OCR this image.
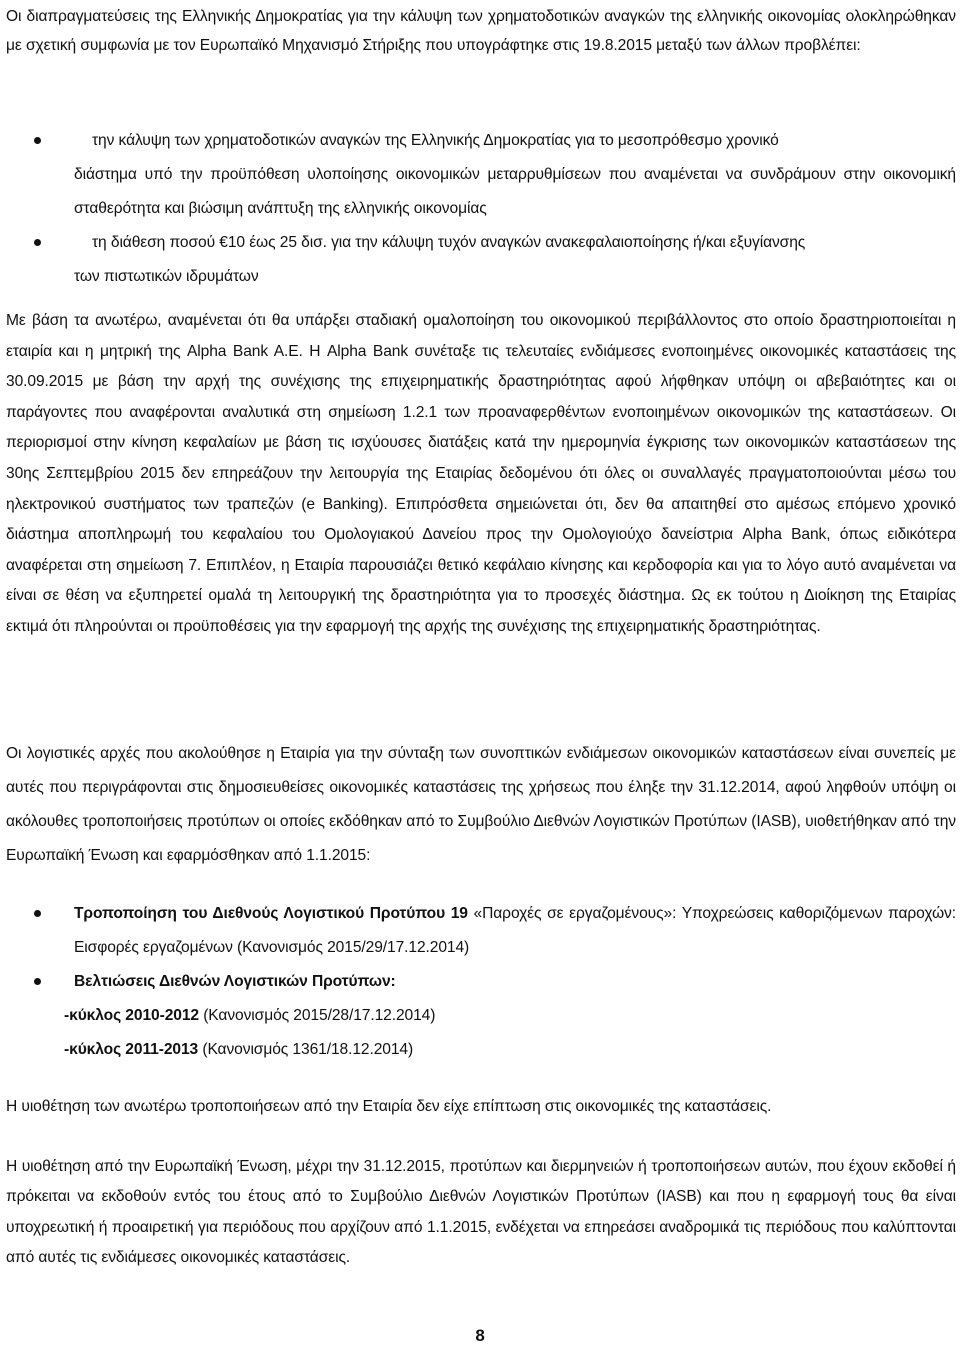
Οι διαπραγματεύσεις της Ελληνικής Δημοκρατίας για την κάλυψη των χρηματοδοτικών αναγκών της ελληνικής οικονομίας ολοκληρώθηκαν με σχετική συμφωνία με τον Ευρωπαϊκό Μηχανισμό Στήριξης που υπογράφτηκε στις 19.8.2015 μεταξύ των άλλων προβλέπει:

την κάλυψη των χρηματοδοτικών αναγκών της Ελληνικής Δημοκρατίας για το μεσοπρόθεσμο χρονικό
διάστημα υπό την προϋπόθεση υλοποίησης οικονομικών μεταρρυθμίσεων που αναμένεται να συνδράμουν στην οικονομική σταθερότητα και βιώσιμη ανάπτυξη της ελληνικής οικονομίας
τη διάθεση ποσού €10 έως 25 δισ. για την κάλυψη τυχόν αναγκών ανακεφαλαιοποίησης ή/και εξυγίανσης
των πιστωτικών ιδρυμάτων

Με βάση τα ανωτέρω, αναμένεται ότι θα υπάρξει σταδιακή ομαλοποίηση του οικονομικού περιβάλλοντος στο οποίο δραστηριοποιείται η εταιρία και η μητρική της Alpha Bank A.E. Η Alpha Bank συνέταξε τις τελευταίες ενδιάμεσες ενοποιημένες οικονομικές καταστάσεις της 30.09.2015 με βάση την αρχή της συνέχισης της επιχειρηματικής δραστηριότητας αφού λήφθηκαν υπόψη οι αβεβαιότητες και οι παράγοντες που αναφέρονται αναλυτικά στη σημείωση 1.2.1 των προαναφερθέντων ενοποιημένων οικονομικών της καταστάσεων. Οι περιορισμοί στην κίνηση κεφαλαίων με βάση τις ισχύουσες διατάξεις κατά την ημερομηνία έγκρισης των οικονομικών καταστάσεων της 30ης Σεπτεμβρίου 2015 δεν επηρεάζουν την λειτουργία της Εταιρίας δεδομένου ότι όλες οι συναλλαγές πραγματοποιούνται μέσω του ηλεκτρονικού συστήματος των τραπεζών (e Banking). Επιπρόσθετα σημειώνεται ότι, δεν θα απαιτηθεί στο αμέσως επόμενο χρονικό διάστημα αποπληρωμή του κεφαλαίου του Ομολογιακού Δανείου προς την Ομολογιούχο δανείστρια Alpha Bank, όπως ειδικότερα αναφέρεται στη σημείωση 7. Επιπλέον, η Εταιρία παρουσιάζει θετικό κεφάλαιο κίνησης και κερδοφορία και για το λόγο αυτό αναμένεται να είναι σε θέση να εξυπηρετεί ομαλά τη λειτουργική της δραστηριότητα για το προσεχές διάστημα. Ως εκ τούτου η Διοίκηση της Εταιρίας εκτιμά ότι πληρούνται οι προϋποθέσεις για την εφαρμογή της αρχής της συνέχισης της επιχειρηματικής δραστηριότητας.

Οι λογιστικές αρχές που ακολούθησε η Εταιρία για την σύνταξη των συνοπτικών ενδιάμεσων οικονομικών καταστάσεων είναι συνεπείς με αυτές που περιγράφονται στις δημοσιευθείσες οικονομικές καταστάσεις της χρήσεως που έληξε την 31.12.2014, αφού ληφθούν υπόψη οι ακόλουθες τροποποιήσεις προτύπων οι οποίες εκδόθηκαν από το Συμβούλιο Διεθνών Λογιστικών Προτύπων (IASB), υιοθετήθηκαν από την Ευρωπαϊκή Ένωση και εφαρμόσθηκαν από 1.1.2015:

Τροποποίηση του Διεθνούς Λογιστικού Προτύπου 19 «Παροχές σε εργαζομένους»: Υποχρεώσεις καθοριζόμενων παροχών: Εισφορές εργαζομένων (Κανονισμός 2015/29/17.12.2014)
Βελτιώσεις Διεθνών Λογιστικών Προτύπων:
-κύκλος 2010-2012 (Κανονισμός 2015/28/17.12.2014)
-κύκλος 2011-2013 (Κανονισμός 1361/18.12.2014)

Η υιοθέτηση των ανωτέρω τροποποιήσεων από την Εταιρία δεν είχε επίπτωση στις οικονομικές της καταστάσεις.

Η υιοθέτηση από την Ευρωπαϊκή Ένωση, μέχρι την 31.12.2015, προτύπων και διερμηνειών ή τροποποιήσεων αυτών, που έχουν εκδοθεί ή πρόκειται να εκδοθούν εντός του έτους από το Συμβούλιο Διεθνών Λογιστικών Προτύπων (IASB) και που η εφαρμογή τους θα είναι υποχρεωτική ή προαιρετική για περιόδους που αρχίζουν από 1.1.2015, ενδέχεται να επηρεάσει αναδρομικά τις περιόδους που καλύπτονται από αυτές τις ενδιάμεσες οικονομικές καταστάσεις.

8
